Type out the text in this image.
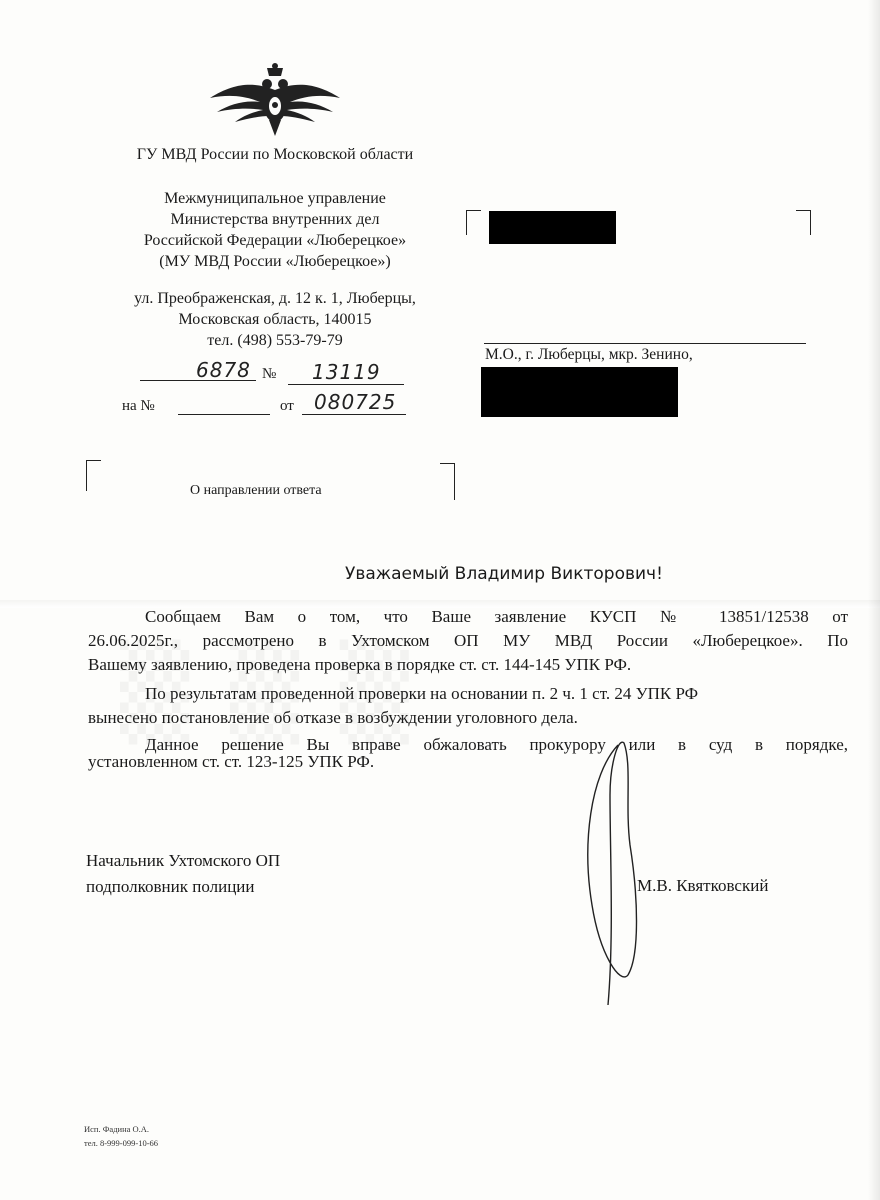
ГУ МВД России по Московской области
Межмуниципальное управление
Министерства внутренних дел
Российской Федерации «Люберецкое»
(МУ МВД России «Люберецкое»)
ул. Преображенская, д. 12 к. 1, Люберцы,
Московская область, 140015
тел. (498) 553-79-79
6878 № 13119
на №	от 080725
М.О., г. Люберцы, мкр. Зенино,
О направлении ответа
Уважаемый Владимир Викторович!
Сообщаем Вам о том, что Ваше заявление КУСП № 13851/12538 от
26.06.2025г., рассмотрено в Ухтомском ОП МУ МВД России «Люберецкое». По
Вашему заявлению, проведена проверка в порядке ст. ст. 144-145 УПК РФ.
По результатам проведенной проверки на основании п. 2 ч. 1 ст. 24 УПК РФ
вынесено постановление об отказе в возбуждении уголовного дела.
Данное решение Вы вправе обжаловать прокурору или в суд в порядке,
установленном ст. ст. 123-125 УПК РФ.
Начальник Ухтомского ОП
подполковник полиции	М.В. Квятковский
Исп. Фадина О.А.
тел. 8-999-099-10-66
